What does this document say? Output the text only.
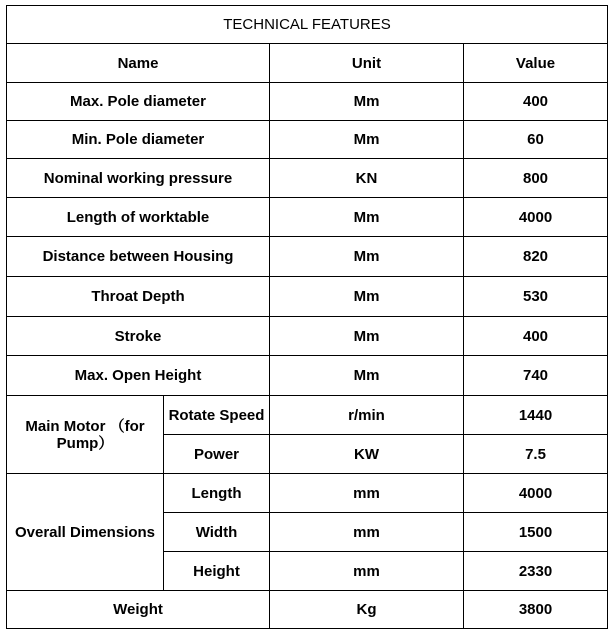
TECHNICAL FEATURES			
Name		Unit	Value
Max. Pole diameter		Mm	400
Min. Pole diameter		Mm	60
Nominal working pressure		KN	800
Length of worktable		Mm	4000
Distance between Housing		Mm	820
Throat Depth		Mm	530
Stroke		Mm	400
Max. Open Height		Mm	740
Main Motor （for Pump）	Rotate Speed	r/min	1440
	Power	KW	7.5
Overall Dimensions	Length	mm	4000
	Width	mm	1500
	Height	mm	2330
Weight		Kg	3800
